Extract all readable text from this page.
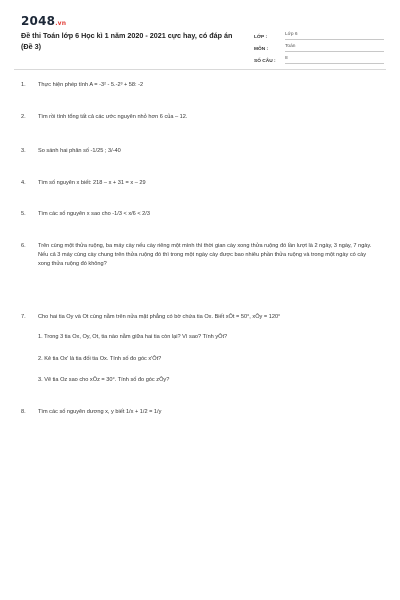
2048.vn
Đề thi Toán lớp 6 Học kì 1 năm 2020 - 2021 cực hay, có đáp án (Đề 3)
LỚP :
Lớp 6
MÔN :
Toán
SỐ CÂU :
8
1. Thực hiện phép tính A = -3² - 5.-2³ + 58: -2
2. Tìm rồi tính tổng tất cả các ước nguyên nhỏ hơn 6 của – 12.
3. So sánh hai phân số -1/25 ; 3/-40
4. Tìm số nguyên x biết: 218 – x + 31 = x – 29
5. Tìm các số nguyên x sao cho -1/3 < x/6 < 2/3
6. Trên cùng một thửa ruộng, ba máy cày nếu cày riêng một mình thì thời gian cày xong thửa ruộng đó lần lượt là 2 ngày, 3 ngày, 7 ngày. Nếu cả 3 máy cùng cày chung trên thửa ruộng đó thì trong một ngày cày được bao nhiêu phần thửa ruộng và trong một ngày có cày xong thửa ruộng đó không?
7. Cho hai tia Oy và Ot cùng nằm trên nửa mặt phẳng có bờ chứa tia Ox. Biết xÔt = 50°, xÔy = 120°
1. Trong 3 tia Ox, Oy, Ot, tia nào nằm giữa hai tia còn lại? Vì sao? Tính yÔt?
2. Kẻ tia Ox' là tia đối tia Ox. Tính số đo góc x'Ôt?
3. Vẽ tia Oz sao cho xÔz = 30°. Tính số đo góc zÔy?
8. Tìm các số nguyên dương x, y biết 1/x + 1/2 = 1/y
